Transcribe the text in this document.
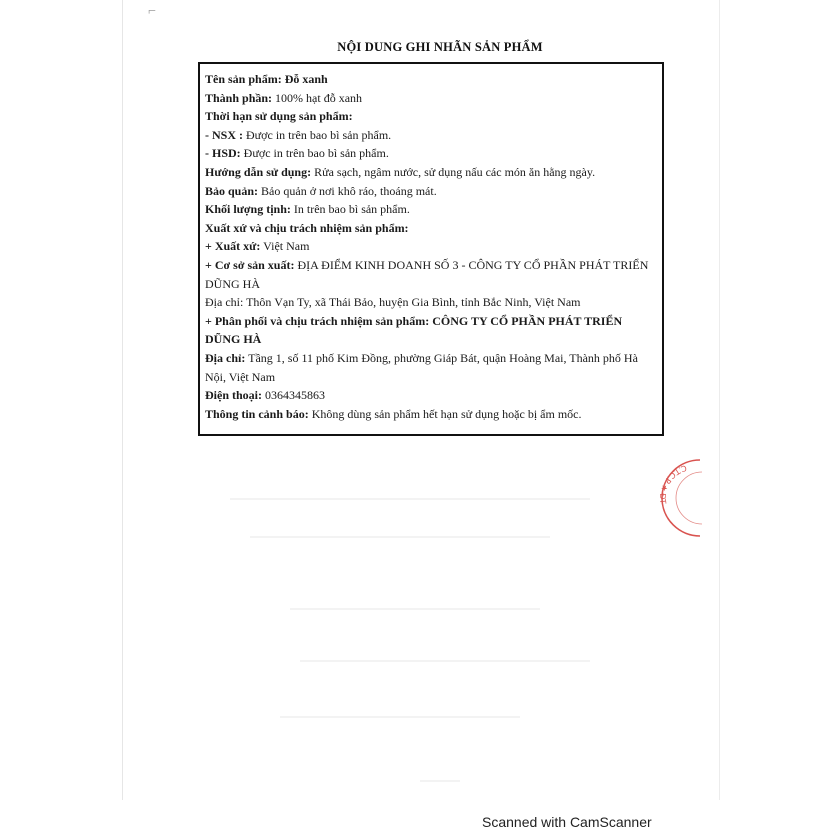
⌐
NỘI DUNG GHI NHÃN SẢN PHẨM

Tên sản phẩm: Đỗ xanh

Thành phần: 100% hạt đỗ xanh

Thời hạn sử dụng sản phẩm:

- NSX : Được in trên bao bì sản phẩm.

- HSD: Được in trên bao bì sản phẩm.

Hướng dẫn sử dụng: Rửa sạch, ngâm nước, sử dụng nấu các món ăn hằng ngày.

Bảo quản: Bảo quản ở nơi khô ráo, thoáng mát.

Khối lượng tịnh: In trên bao bì sản phẩm.

Xuất xứ và chịu trách nhiệm sản phẩm:

+ Xuất xứ: Việt Nam

+ Cơ sở sản xuất: ĐỊA ĐIỂM KINH DOANH SỐ 3 - CÔNG TY CỔ PHẦN PHÁT TRIỂN DŨNG HÀ

Địa chỉ: Thôn Vạn Ty, xã Thái Bảo, huyện Gia Bình, tỉnh Bắc Ninh, Việt Nam

+ Phân phối và chịu trách nhiệm sản phẩm: CÔNG TY CỔ PHẦN PHÁT TRIỂN DŨNG HÀ

Địa chỉ: Tầng 1, số 11 phố Kim Đồng, phường Giáp Bát, quận Hoàng Mai, Thành phố Hà Nội, Việt Nam

Điện thoại: 0364345863

Thông tin cảnh báo: Không dùng sản phẩm hết hạn sử dụng hoặc bị ẩm mốc.

C.T.C.P ★ ĐT
Scanned with CamScanner
